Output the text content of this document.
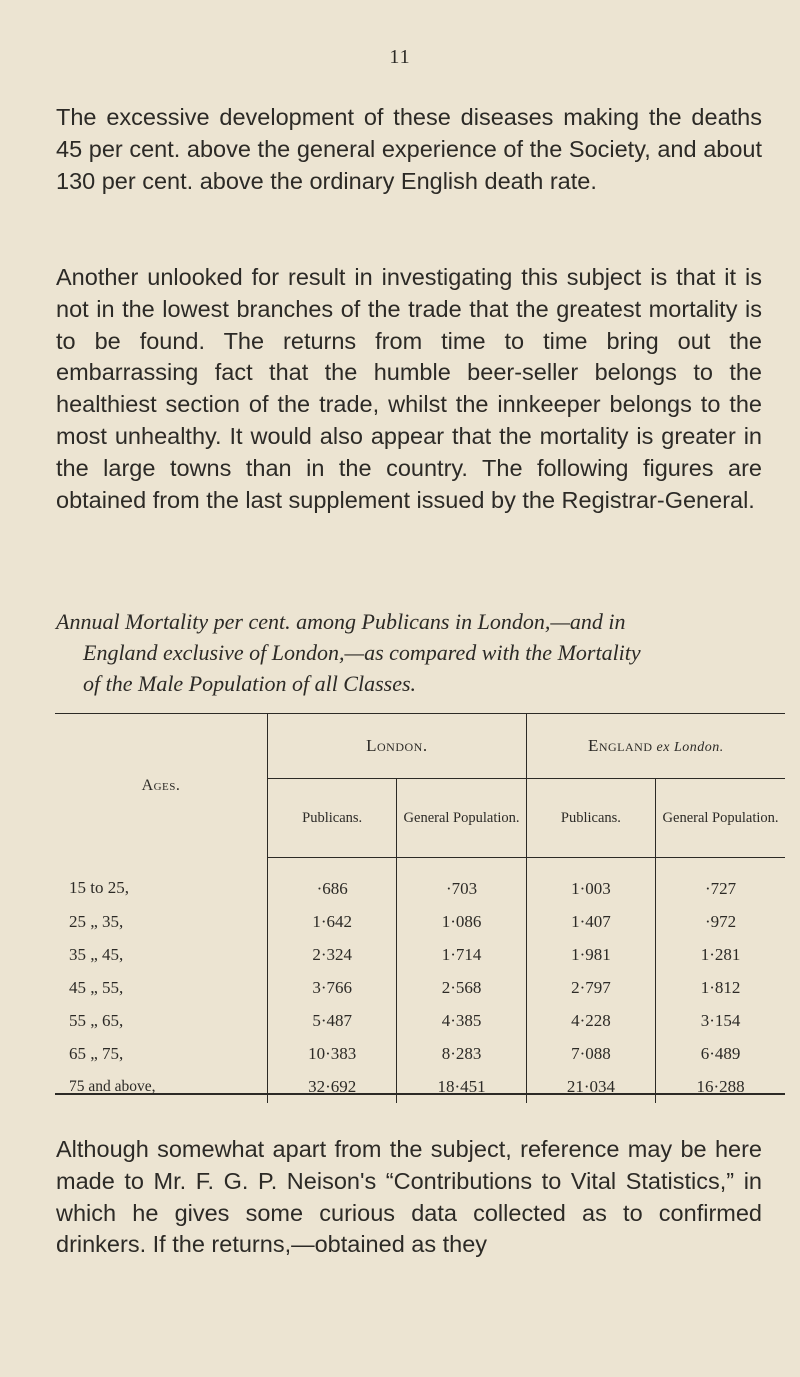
11

The excessive development of these diseases making the deaths 45 per cent. above the general experience of the Society, and about 130 per cent. above the ordinary English death rate.

Another unlooked for result in investigating this subject is that it is not in the lowest branches of the trade that the greatest mortality is to be found. The returns from time to time bring out the embarrassing fact that the humble beer-seller belongs to the healthiest section of the trade, whilst the innkeeper belongs to the most unhealthy. It would also appear that the mortality is greater in the large towns than in the country. The following figures are obtained from the last supplement issued by the Registrar-General.

Annual Mortality per cent. among Publicans in London,—and in
England exclusive of London,—as compared with the Mortality
of the Male Population of all Classes.

Ages.	London.		England ex London.	
	Publicans.	General Population.	Publicans.	General Population.
15 to 25,	·686	·703	1·003	·727
25 „ 35,	1·642	1·086	1·407	·972
35 „ 45,	2·324	1·714	1·981	1·281
45 „ 55,	3·766	2·568	2·797	1·812
55 „ 65,	5·487	4·385	4·228	3·154
65 „ 75,	10·383	8·283	7·088	6·489
75 and above,	32·692	18·451	21·034	16·288

Although somewhat apart from the subject, reference may be here made to Mr. F. G. P. Neison's “Contributions to Vital Statistics,” in which he gives some curious data collected as to confirmed drinkers. If the returns,—obtained as they
